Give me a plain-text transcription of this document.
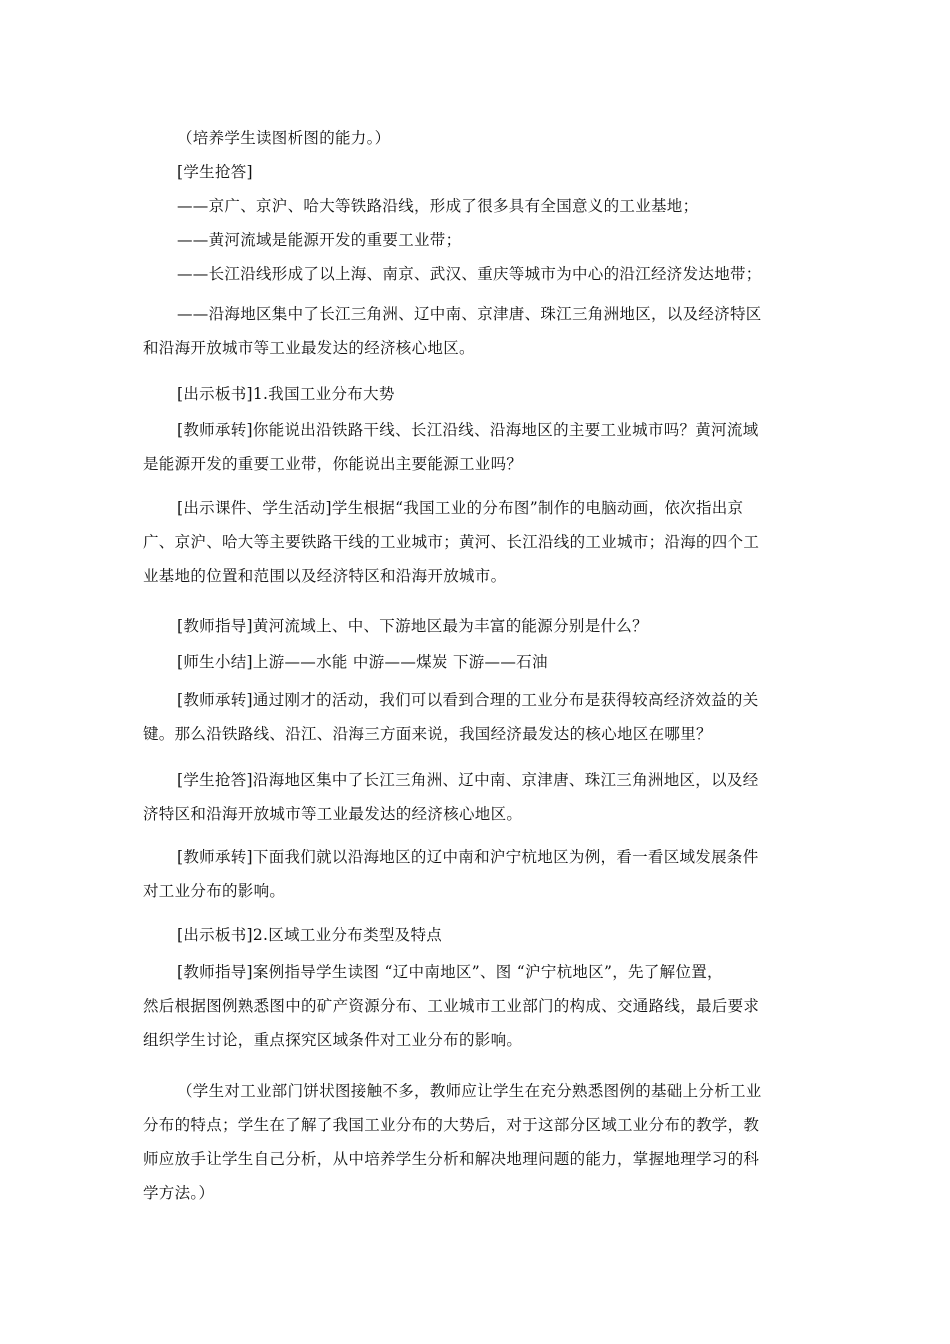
（培养学生读图析图的能力。）

[学生抢答]

——京广、京沪、哈大等铁路沿线，形成了很多具有全国意义的工业基地；

——黄河流域是能源开发的重要工业带；

——长江沿线形成了以上海、南京、武汉、重庆等城市为中心的沿江经济发达地带；

——沿海地区集中了长江三角洲、辽中南、京津唐、珠江三角洲地区，以及经济特区
和沿海开放城市等工业最发达的经济核心地区。

[出示板书]1.我国工业分布大势

[教师承转]你能说出沿铁路干线、长江沿线、沿海地区的主要工业城市吗？黄河流域
是能源开发的重要工业带，你能说出主要能源工业吗？

[出示课件、学生活动]学生根据“我国工业的分布图”制作的电脑动画，依次指出京
广、京沪、哈大等主要铁路干线的工业城市；黄河、长江沿线的工业城市；沿海的四个工
业基地的位置和范围以及经济特区和沿海开放城市。

[教师指导]黄河流域上、中、下游地区最为丰富的能源分别是什么？

[师生小结]上游——水能 中游——煤炭 下游——石油

[教师承转]通过刚才的活动，我们可以看到合理的工业分布是获得较高经济效益的关
键。那么沿铁路线、沿江、沿海三方面来说，我国经济最发达的核心地区在哪里？

[学生抢答]沿海地区集中了长江三角洲、辽中南、京津唐、珠江三角洲地区，以及经
济特区和沿海开放城市等工业最发达的经济核心地区。

[教师承转]下面我们就以沿海地区的辽中南和沪宁杭地区为例，看一看区域发展条件
对工业分布的影响。

[出示板书]2.区域工业分布类型及特点

[教师指导]案例指导学生读图 “辽中南地区”、图 “沪宁杭地区”，先了解位置，
然后根据图例熟悉图中的矿产资源分布、工业城市工业部门的构成、交通路线，最后要求
组织学生讨论，重点探究区域条件对工业分布的影响。

（学生对工业部门饼状图接触不多，教师应让学生在充分熟悉图例的基础上分析工业
分布的特点；学生在了解了我国工业分布的大势后，对于这部分区域工业分布的教学，教
师应放手让学生自己分析，从中培养学生分析和解决地理问题的能力，掌握地理学习的科
学方法。）
